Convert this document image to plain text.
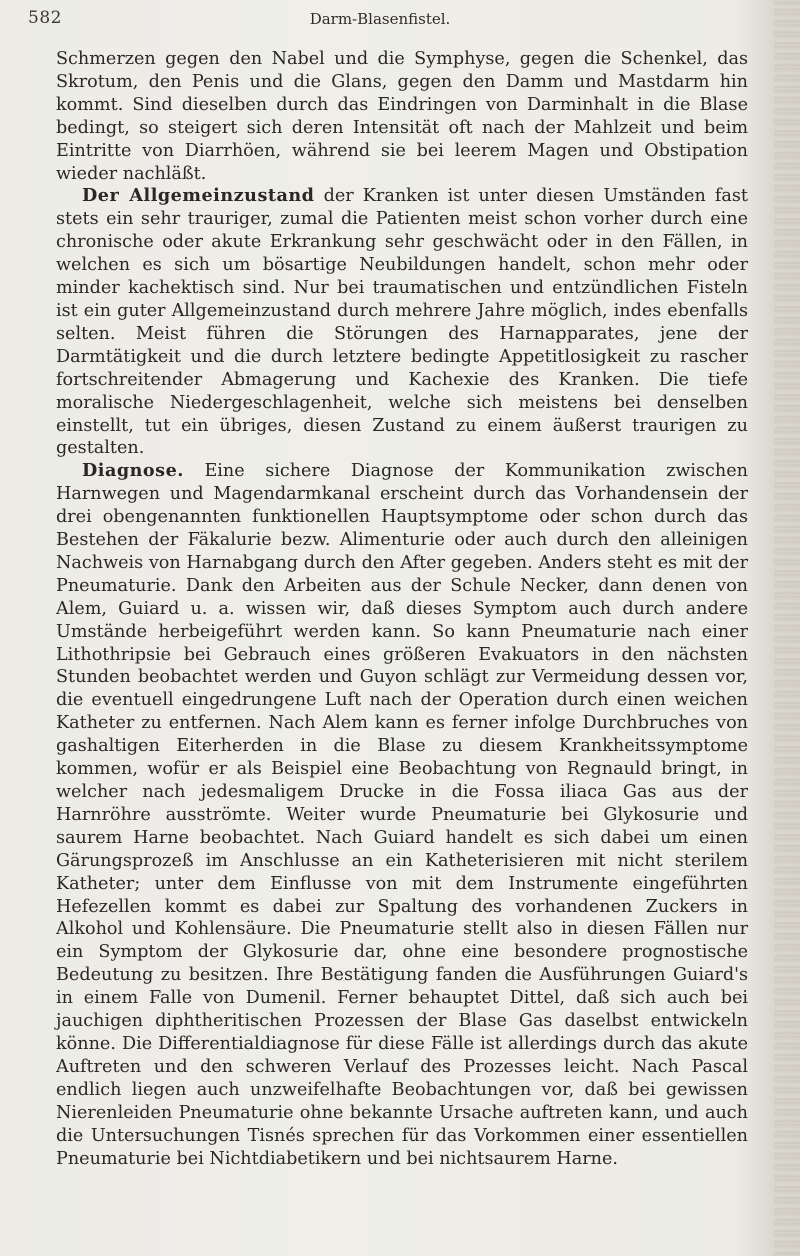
582	Darm-Blasenfistel.

Schmerzen gegen den Nabel und die Symphyse, gegen die Schenkel, das Skrotum, den Penis und die Glans, gegen den Damm und Mastdarm hin kommt. Sind dieselben durch das Eindringen von Darminhalt in die Blase bedingt, so steigert sich deren Intensität oft nach der Mahlzeit und beim Eintritte von Diarrhöen, während sie bei leerem Magen und Obstipation wieder nachläßt.

Der Allgemeinzustand der Kranken ist unter diesen Umständen fast stets ein sehr trauriger, zumal die Patienten meist schon vorher durch eine chronische oder akute Erkrankung sehr geschwächt oder in den Fällen, in welchen es sich um bösartige Neubildungen handelt, schon mehr oder minder kachektisch sind. Nur bei traumatischen und entzündlichen Fisteln ist ein guter Allgemeinzustand durch mehrere Jahre möglich, indes ebenfalls selten. Meist führen die Störungen des Harnapparates, jene der Darmtätigkeit und die durch letztere bedingte Appetitlosigkeit zu rascher fortschreitender Abmagerung und Kachexie des Kranken. Die tiefe moralische Niedergeschlagenheit, welche sich meistens bei denselben einstellt, tut ein übriges, diesen Zustand zu einem äußerst traurigen zu gestalten.

Diagnose. Eine sichere Diagnose der Kommunikation zwischen Harnwegen und Magendarmkanal erscheint durch das Vorhandensein der drei obengenannten funktionellen Hauptsymptome oder schon durch das Bestehen der Fäkalurie bezw. Alimenturie oder auch durch den alleinigen Nachweis von Harnabgang durch den After gegeben. Anders steht es mit der Pneumaturie. Dank den Arbeiten aus der Schule Necker, dann denen von Alem, Guiard u. a. wissen wir, daß dieses Symptom auch durch andere Umstände herbeigeführt werden kann. So kann Pneumaturie nach einer Lithothripsie bei Gebrauch eines größeren Evakuators in den nächsten Stunden beobachtet werden und Guyon schlägt zur Vermeidung dessen vor, die eventuell eingedrungene Luft nach der Operation durch einen weichen Katheter zu entfernen. Nach Alem kann es ferner infolge Durchbruches von gashaltigen Eiterherden in die Blase zu diesem Krankheitssymptome kommen, wofür er als Beispiel eine Beobachtung von Regnauld bringt, in welcher nach jedesmaligem Drucke in die Fossa iliaca Gas aus der Harnröhre ausströmte. Weiter wurde Pneumaturie bei Glykosurie und saurem Harne beobachtet. Nach Guiard handelt es sich dabei um einen Gärungsprozeß im Anschlusse an ein Katheterisieren mit nicht sterilem Katheter; unter dem Einflusse von mit dem Instrumente eingeführten Hefezellen kommt es dabei zur Spaltung des vorhandenen Zuckers in Alkohol und Kohlensäure. Die Pneumaturie stellt also in diesen Fällen nur ein Symptom der Glykosurie dar, ohne eine besondere prognostische Bedeutung zu besitzen. Ihre Bestätigung fanden die Ausführungen Guiard's in einem Falle von Dumenil. Ferner behauptet Dittel, daß sich auch bei jauchigen diphtheritischen Prozessen der Blase Gas daselbst entwickeln könne. Die Differentialdiagnose für diese Fälle ist allerdings durch das akute Auftreten und den schweren Verlauf des Prozesses leicht. Nach Pascal endlich liegen auch unzweifelhafte Beobachtungen vor, daß bei gewissen Nierenleiden Pneumaturie ohne bekannte Ursache auftreten kann, und auch die Untersuchungen Tisnés sprechen für das Vorkommen einer essentiellen Pneumaturie bei Nichtdiabetikern und bei nichtsaurem Harne.
